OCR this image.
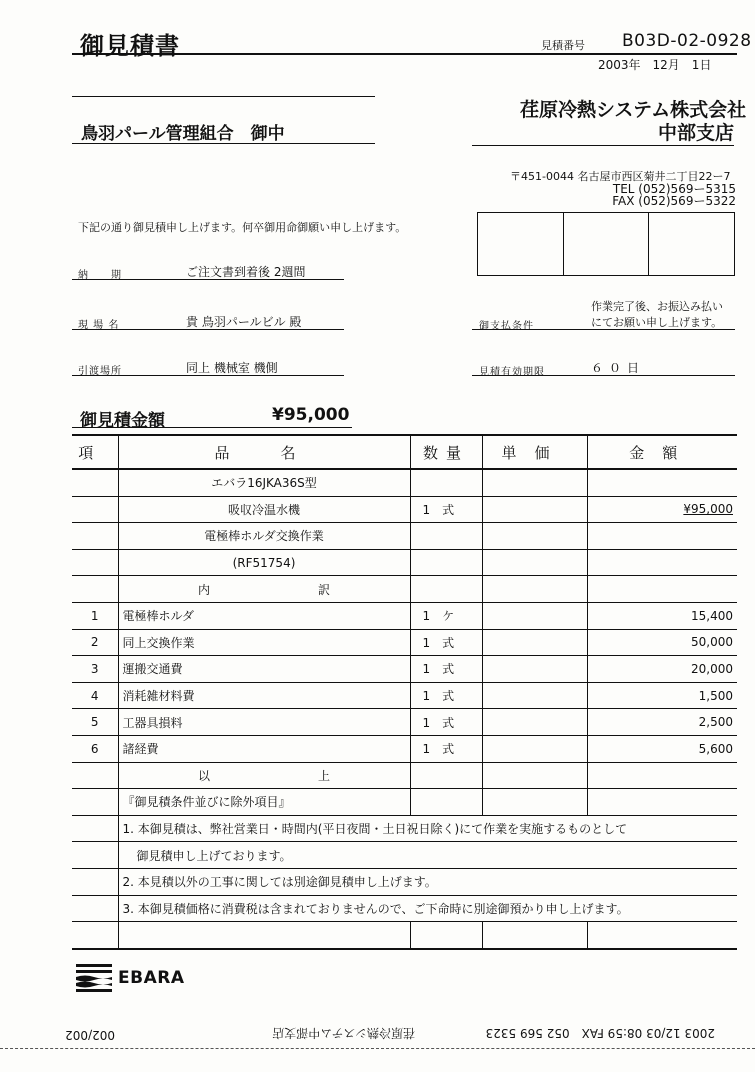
御見積書	見積番号 B03D-02-0928
2003年　12月　1日
鳥羽パール管理組合　御中
荏原冷熱システム株式会社
中部支店
〒451-0044 名古屋市西区菊井二丁目22ー7
TEL (052)569ー5315
FAX (052)569ー5322
下記の通り御見積申し上げます。何卒御用命御願い申し上げます。
納　　期	ご注文書到着後 2週間
現 場 名	貴 鳥羽パールビル 殿
引渡場所	同上 機械室 機側
御支払条件
作業完了後、お振込み払い
にてお願い申し上げます。
見積有効期限	６０日
御見積金額	¥95,000
項	品　名	数量	単価	金額
	エバラ16JKA36S型			
	吸収冷温水機	1　式		¥95,000
	電極棒ホルダ交換作業			
	(RF51754)			
	内　　　　　　　　　訳			
1	電極棒ホルダ	1　ケ		15,400
2	同上交換作業	1　式		50,000
3	運搬交通費	1　式		20,000
4	消耗雑材料費	1　式		1,500
5	工器具損料	1　式		2,500
6	諸経費	1　式		5,600
	以　　　　　　　　　上			
	『御見積条件並びに除外項目』			
	1. 本御見積は、弊社営業日・時間内(平日夜間・土日祝日除く)にて作業を実施するものとして			
	御見積申し上げております。			
	2. 本見積以外の工事に関しては別途御見積申し上げます。			
	3. 本御見積価格に消費税は含まれておりませんので、ご下命時に別途御預かり申し上げます。			

EBARA
2003 12/03 08:59 FAX　052 569 5323
荏原冷熱システム中部支店
002/002
